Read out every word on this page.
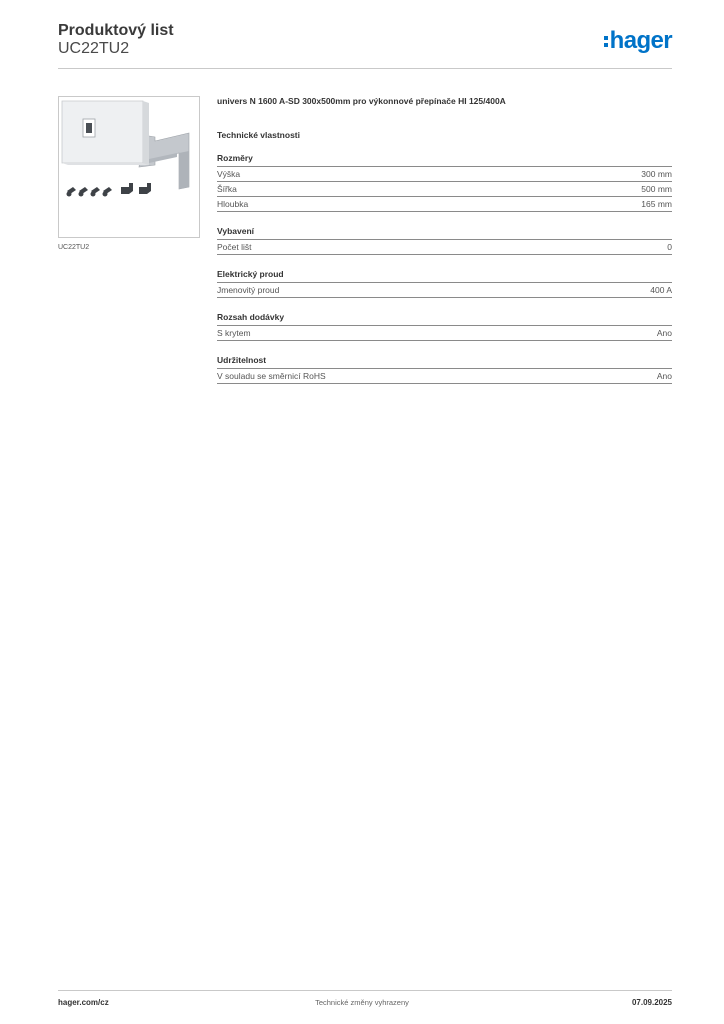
Produktový list
UC22TU2	hager
UC22TU2
univers N 1600 A-SD 300x500mm pro výkonnové přepínače HI 125/400A
Technické vlastnosti
Rozměry
Výška	300 mm
Šířka	500 mm
Hloubka	165 mm
Vybavení
Počet lišt	0
Elektrický proud
Jmenovitý proud	400 A
Rozsah dodávky
S krytem	Ano
Udržitelnost
V souladu se směrnicí RoHS	Ano
hager.com/cz	Technické změny vyhrazeny	07.09.2025
